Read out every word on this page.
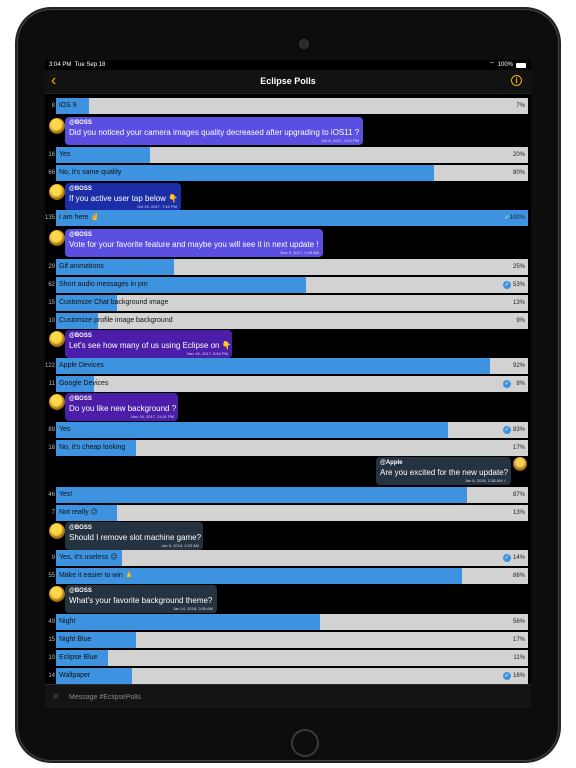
3:04 PM Tue Sep 18	⌔ 100%
‹	Eclipse Polls	i
8 iOS 9	7%
@BOSS
Did you noticed your camera images quality decreased after upgrading to iOS11 ?
Oct 6, 2017, 4:02 PM
16 Yes	20%
66 No, it's same quality	80%
@BOSS
If you active user tap below 👇
Oct 19, 2017, 7:42 PM
135 I am here ✌️	✓ 100%
@BOSS
Vote for your favorite feature and maybe you will see it in next update !
Nov 5, 2017, 2:45 AM
29 Gif animations	25%
62 Short audio messages in pm	✓ 53%
15 Customize Chat background image	13%
10 Customize profile image background	9%
@BOSS
Let's see how many of us using Eclipse on 👇
Nov 16, 2017, 8:54 PM
122 Apple Devices	92%
11 Google Devices	✓ 8%
@BOSS
Do you like new background ?
Nov 16, 2017, 11:51 PM
89 Yes	✓ 83%
18 No, it's cheap looking	17%
@Apple
Are you excited for the new update?
Jan 5, 2018, 2:38 AM ✓
46 Yes!	87%
7 Not really 😕	13%
@BOSS
Should I remove slot machine game?
Jan 8, 2018, 2:03 AM
9 Yes, it's useless 😑	✓ 14%
55 Make it easier to win 🙏	86%
@BOSS
What's your favorite background theme?
Jan 14, 2018, 3:05 AM
49 Night	56%
15 Night Blue	17%
10 Eclipse Blue	11%
14 Wallpaper	✓ 16%
⌕
Message #EclipsePolls
